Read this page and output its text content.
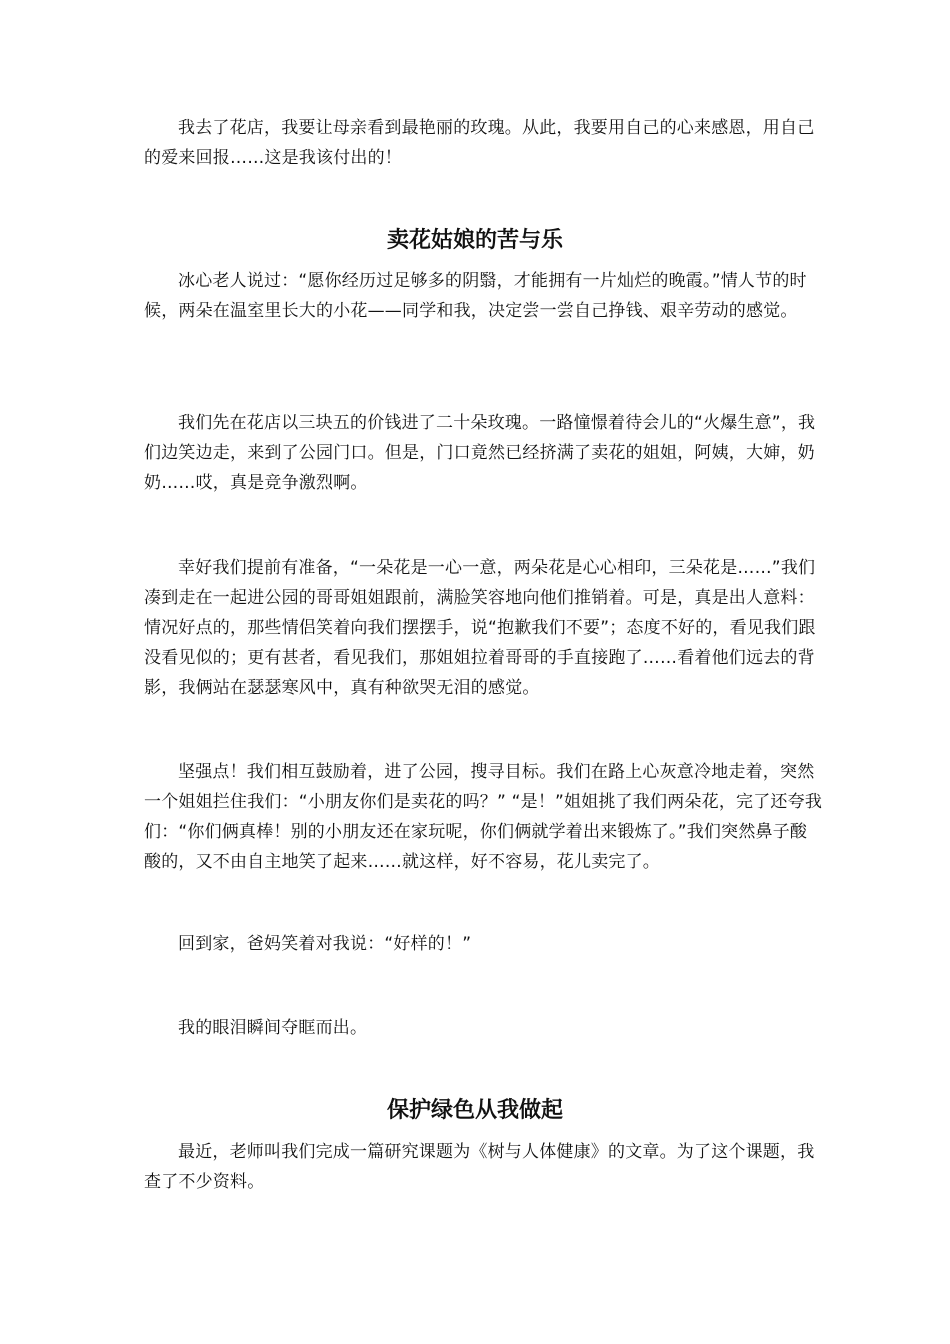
我去了花店，我要让母亲看到最艳丽的玫瑰。从此，我要用自己的心来感恩，用自己的爱来回报……这是我该付出的！

卖花姑娘的苦与乐

冰心老人说过：“愿你经历过足够多的阴翳，才能拥有一片灿烂的晚霞。”情人节的时候，两朵在温室里长大的小花——同学和我，决定尝一尝自己挣钱、艰辛劳动的感觉。

我们先在花店以三块五的价钱进了二十朵玫瑰。一路憧憬着待会儿的“火爆生意”，我们边笑边走，来到了公园门口。但是，门口竟然已经挤满了卖花的姐姐，阿姨，大婶，奶奶……哎，真是竞争激烈啊。

幸好我们提前有准备，“一朵花是一心一意，两朵花是心心相印，三朵花是……”我们凑到走在一起进公园的哥哥姐姐跟前，满脸笑容地向他们推销着。可是，真是出人意料：情况好点的，那些情侣笑着向我们摆摆手，说“抱歉我们不要”；态度不好的，看见我们跟没看见似的；更有甚者，看见我们，那姐姐拉着哥哥的手直接跑了……看着他们远去的背影，我俩站在瑟瑟寒风中，真有种欲哭无泪的感觉。

坚强点！我们相互鼓励着，进了公园，搜寻目标。我们在路上心灰意冷地走着，突然一个姐姐拦住我们：“小朋友你们是卖花的吗？” “是！”姐姐挑了我们两朵花，完了还夸我们：“你们俩真棒！别的小朋友还在家玩呢，你们俩就学着出来锻炼了。”我们突然鼻子酸酸的，又不由自主地笑了起来……就这样，好不容易，花儿卖完了。

回到家，爸妈笑着对我说：“好样的！”

我的眼泪瞬间夺眶而出。

保护绿色从我做起

最近，老师叫我们完成一篇研究课题为《树与人体健康》的文章。为了这个课题，我查了不少资料。
